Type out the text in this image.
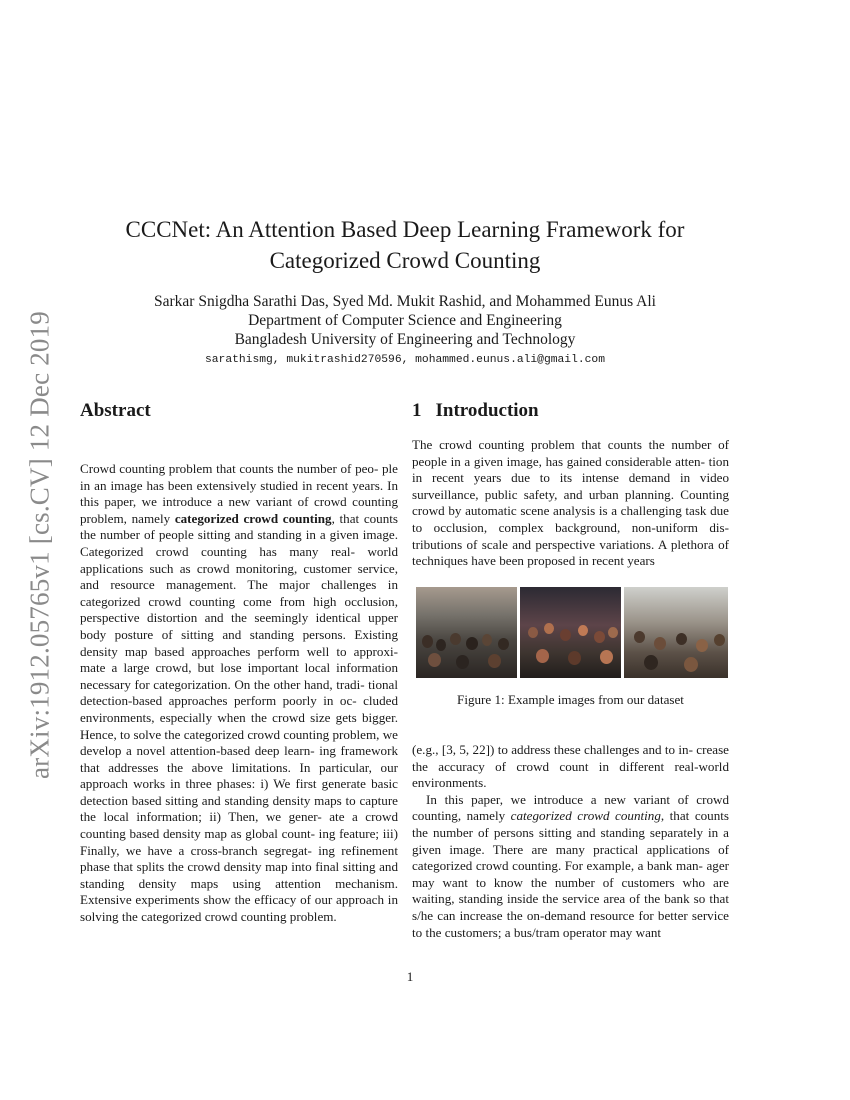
arXiv:1912.05765v1 [cs.CV] 12 Dec 2019
CCCNet: An Attention Based Deep Learning Framework for
Categorized Crowd Counting
Sarkar Snigdha Sarathi Das, Syed Md. Mukit Rashid, and Mohammed Eunus Ali
Department of Computer Science and Engineering
Bangladesh University of Engineering and Technology
sarathismg, mukitrashid270596, mohammed.eunus.ali@gmail.com
Abstract

Crowd counting problem that counts the number of peo- ple in an image has been extensively studied in recent years. In this paper, we introduce a new variant of crowd counting problem, namely categorized crowd counting, that counts the number of people sitting and standing in a given image. Categorized crowd counting has many real- world applications such as crowd monitoring, customer service, and resource management. The major challenges in categorized crowd counting come from high occlusion, perspective distortion and the seemingly identical upper body posture of sitting and standing persons. Existing density map based approaches perform well to approxi- mate a large crowd, but lose important local information necessary for categorization. On the other hand, tradi- tional detection-based approaches perform poorly in oc- cluded environments, especially when the crowd size gets bigger. Hence, to solve the categorized crowd counting problem, we develop a novel attention-based deep learn- ing framework that addresses the above limitations. In particular, our approach works in three phases: i) We first generate basic detection based sitting and standing density maps to capture the local information; ii) Then, we gener- ate a crowd counting based density map as global count- ing feature; iii) Finally, we have a cross-branch segregat- ing refinement phase that splits the crowd density map into final sitting and standing density maps using attention mechanism. Extensive experiments show the efficacy of our approach in solving the categorized crowd counting problem.

1 Introduction

The crowd counting problem that counts the number of people in a given image, has gained considerable atten- tion in recent years due to its intense demand in video surveillance, public safety, and urban planning. Counting crowd by automatic scene analysis is a challenging task due to occlusion, complex background, non-uniform dis- tributions of scale and perspective variations. A plethora of techniques have been proposed in recent years

Figure 1: Example images from our dataset
(e.g., [3, 5, 22]) to address these challenges and to in- crease the accuracy of crowd count in different real-world environments.
In this paper, we introduce a new variant of crowd counting, namely categorized crowd counting, that counts the number of persons sitting and standing separately in a given image. There are many practical applications of categorized crowd counting. For example, a bank man- ager may want to know the number of customers who are waiting, standing inside the service area of the bank so that s/he can increase the on-demand resource for better service to the customers; a bus/tram operator may want
1
